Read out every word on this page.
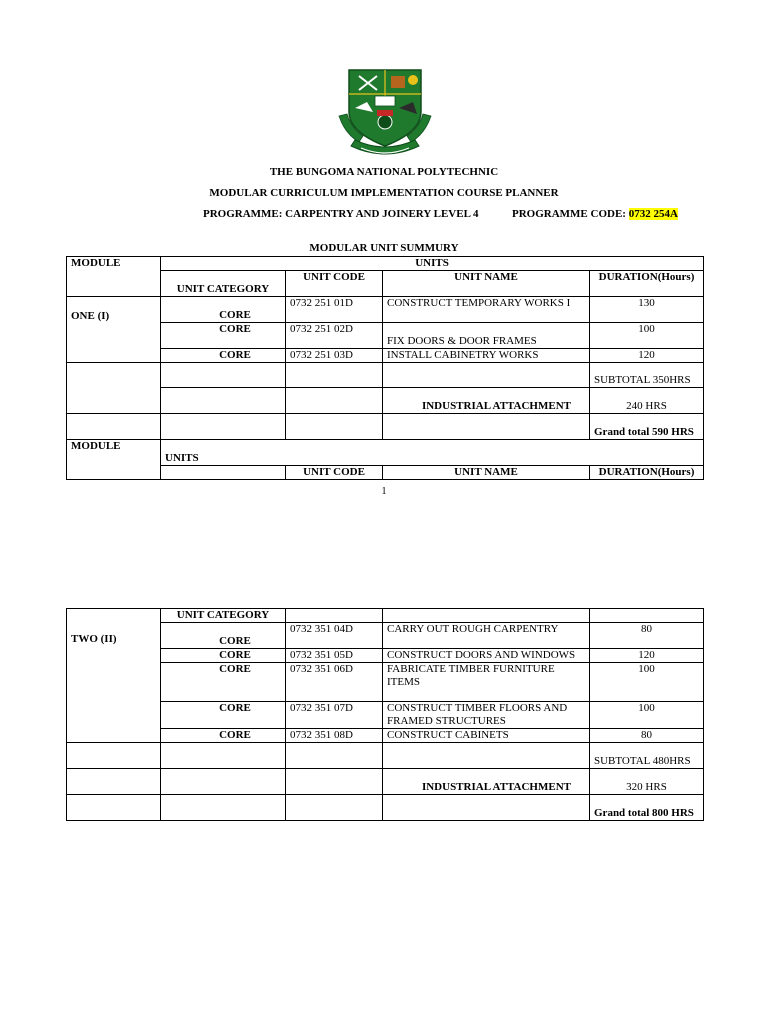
THE BUNGOMA NATIONAL POLYTECHNIC
MODULAR CURRICULUM IMPLEMENTATION COURSE PLANNER
PROGRAMME: CARPENTRY AND JOINERY LEVEL 4	PROGRAMME CODE: 0732 254A
MODULAR UNIT SUMMURY
MODULE	UNITS			
	UNIT CATEGORY	UNIT CODE	UNIT NAME	DURATION(Hours)
ONE (I)	CORE	0732 251 01D	CONSTRUCT TEMPORARY WORKS I	130

	CORE	0732 251 02D	FIX DOORS & DOOR FRAMES	100

	CORE	0732 251 03D	INSTALL CABINETRY WORKS	120

				SUBTOTAL 350HRS
			INDUSTRIAL ATTACHMENT	240 HRS

				Grand total 590 HRS
MODULE	UNITS			
		UNIT CODE	UNIT NAME	DURATION(Hours)
1
TWO (II)	UNIT CATEGORY			

	CORE	0732 351 04D	CARRY OUT ROUGH CARPENTRY	80

	CORE	0732 351 05D	CONSTRUCT DOORS AND WINDOWS	120

	CORE	0732 351 06D	FABRICATE TIMBER FURNITURE ITEMS	100

	CORE	0732 351 07D	CONSTRUCT TIMBER FLOORS AND FRAMED STRUCTURES	100

	CORE	0732 351 08D	CONSTRUCT CABINETS	80

				SUBTOTAL 480HRS
			INDUSTRIAL ATTACHMENT	320 HRS

				Grand total 800 HRS
